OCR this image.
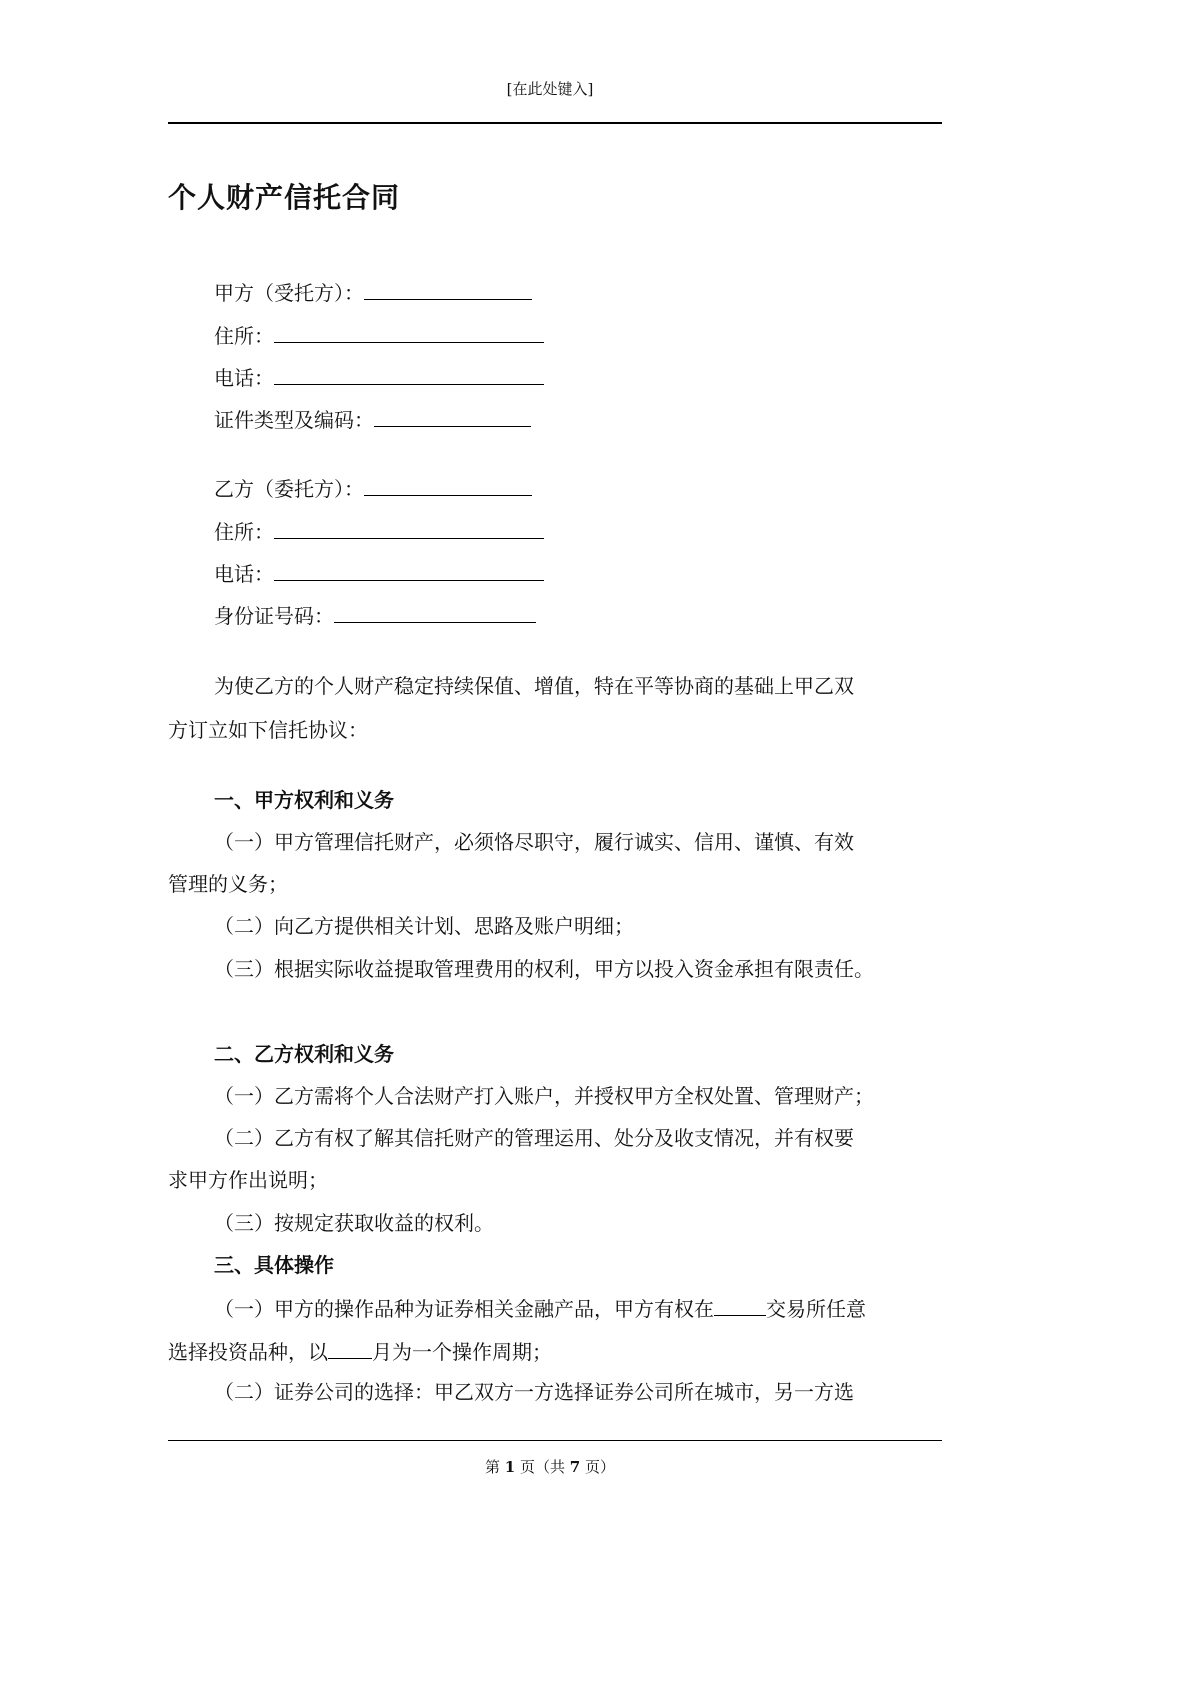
[在此处键入]
个人财产信托合同
甲方（受托方）：
住所：
电话：
证件类型及编码：
乙方（委托方）：
住所：
电话：
身份证号码：
为使乙方的个人财产稳定持续保值、增值，特在平等协商的基础上甲乙双
方订立如下信托协议：
一、甲方权利和义务
（一）甲方管理信托财产，必须恪尽职守，履行诚实、信用、谨慎、有效
管理的义务；
（二）向乙方提供相关计划、思路及账户明细；
（三）根据实际收益提取管理费用的权利，甲方以投入资金承担有限责任。
二、乙方权利和义务
（一）乙方需将个人合法财产打入账户，并授权甲方全权处置、管理财产；
（二）乙方有权了解其信托财产的管理运用、处分及收支情况，并有权要
求甲方作出说明；
（三）按规定获取收益的权利。
三、具体操作
（一）甲方的操作品种为证券相关金融产品，甲方有权在	交易所任意
选择投资品种，以 月为一个操作周期；
（二）证券公司的选择：甲乙双方一方选择证券公司所在城市，另一方选
第 1 页（共 7 页）
